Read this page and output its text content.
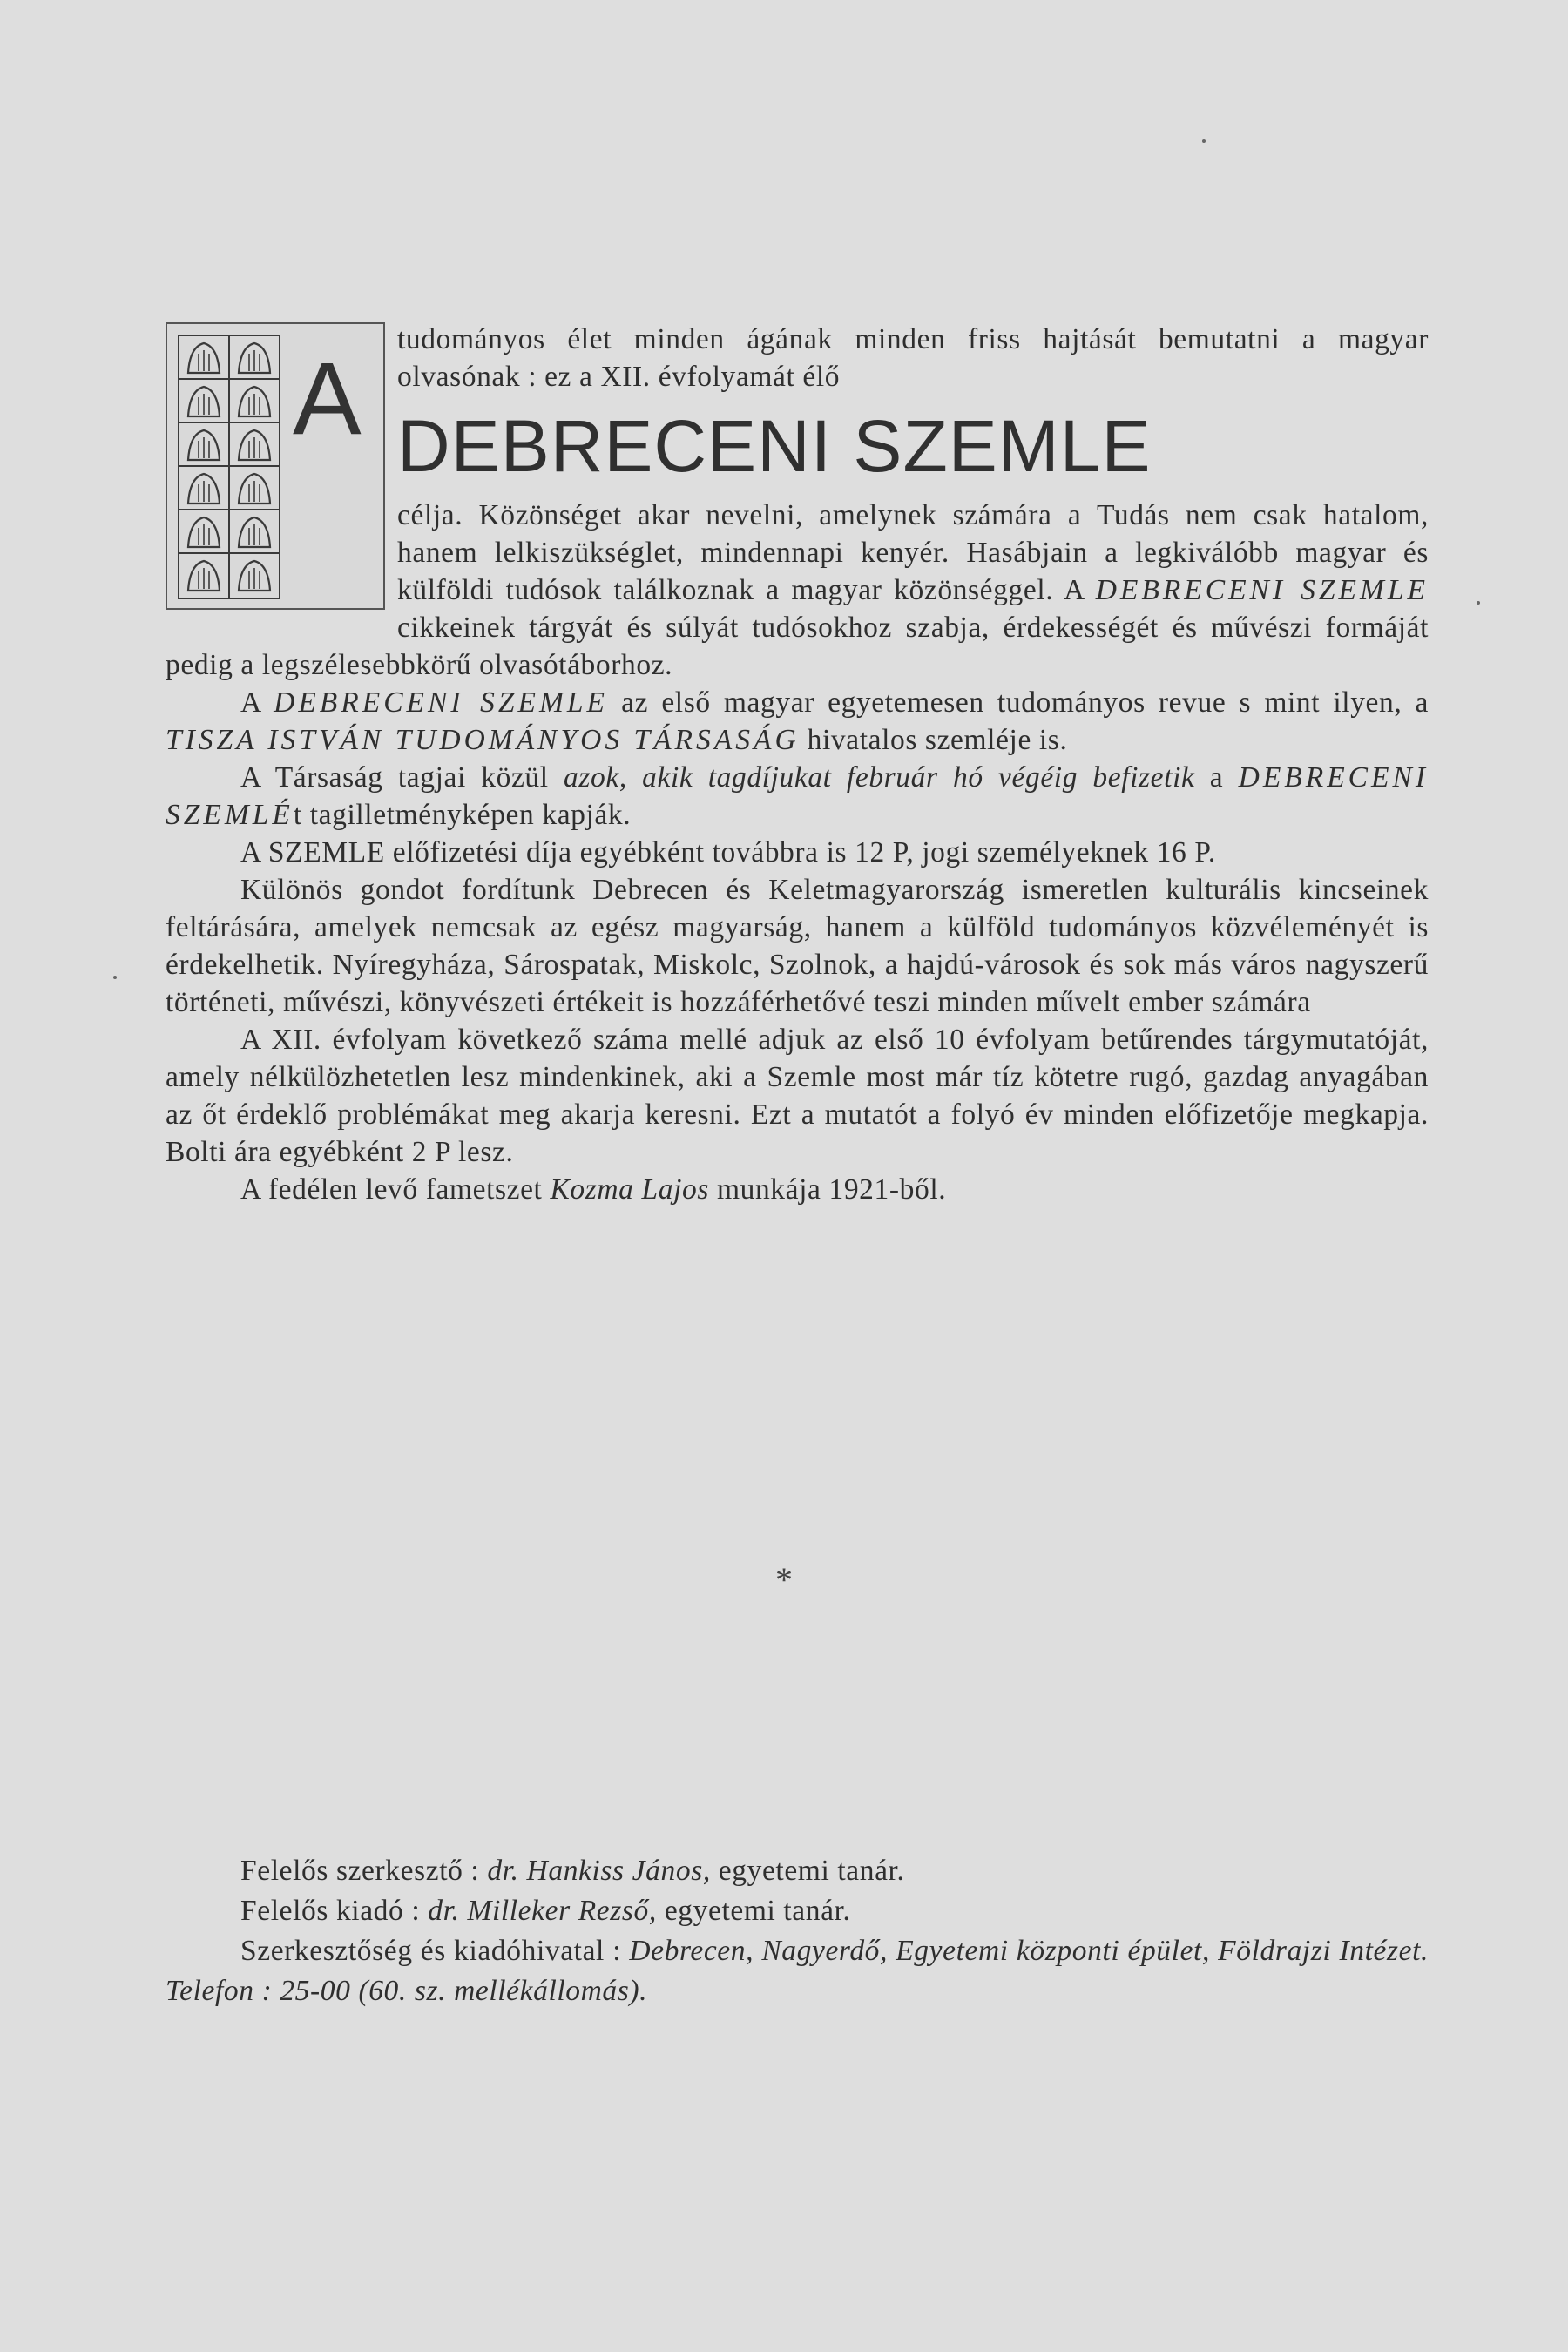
A

tudományos élet minden ágának minden friss hajtását bemutatni a magyar olvasónak : ez a XII. évfolyamát élő

DEBRECENI SZEMLE

célja. Közönséget akar nevelni, amelynek számára a Tudás nem csak hatalom, hanem lelkiszükséglet, mindennapi kenyér. Hasábjain a legkiválóbb magyar és külföldi tudósok találkoznak a magyar közönséggel. A DEBRECENI SZEMLE cikkeinek tárgyát és súlyát tudósokhoz szabja, érdekességét és művészi formáját pedig a legszélesebbkörű olvasótáborhoz.

A DEBRECENI SZEMLE az első magyar egyetemesen tudományos revue s mint ilyen, a TISZA ISTVÁN TUDOMÁNYOS TÁRSASÁG hivatalos szemléje is.

A Társaság tagjai közül azok, akik tagdíjukat február hó végéig befizetik a DEBRECENI SZEMLÉt tagilletményképen kapják.

A SZEMLE előfizetési díja egyébként továbbra is 12 P, jogi személyeknek 16 P.

Különös gondot fordítunk Debrecen és Keletmagyarország ismeretlen kulturális kincseinek feltárására, amelyek nemcsak az egész magyarság, hanem a külföld tudományos közvéleményét is érdekelhetik. Nyíregyháza, Sárospatak, Miskolc, Szolnok, a hajdú-városok és sok más város nagyszerű történeti, művészi, könyvészeti értékeit is hozzáférhetővé teszi minden művelt ember számára

A XII. évfolyam következő száma mellé adjuk az első 10 évfolyam betűrendes tárgymutatóját, amely nélkülözhetetlen lesz mindenkinek, aki a Szemle most már tíz kötetre rugó, gazdag anyagában az őt érdeklő problémákat meg akarja keresni. Ezt a mutatót a folyó év minden előfizetője megkapja. Bolti ára egyébként 2 P lesz.

A fedélen levő fametszet Kozma Lajos munkája 1921-ből.

*
Felelős szerkesztő : dr. Hankiss János, egyetemi tanár.
Felelős kiadó : dr. Milleker Rezső, egyetemi tanár.
Szerkesztőség és kiadóhivatal : Debrecen, Nagyerdő, Egyetemi központi épület, Földrajzi Intézet. Telefon : 25-00 (60. sz. mellékállomás).
